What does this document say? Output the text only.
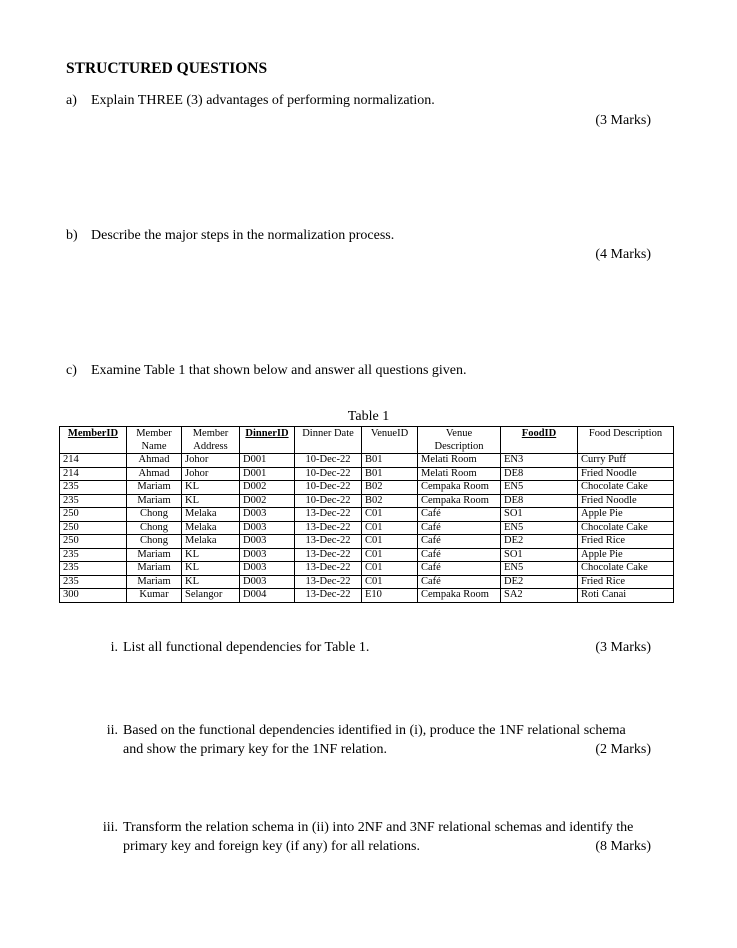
STRUCTURED QUESTIONS
a) Explain THREE (3) advantages of performing normalization.
(3 Marks)
b) Describe the major steps in the normalization process.
(4 Marks)
c) Examine Table 1 that shown below and answer all questions given.
Table 1
MemberID	Member Name	Member Address	DinnerID	Dinner Date	VenueID	Venue Description	FoodID	Food Description
214	Ahmad	Johor	D001	10-Dec-22	B01	Melati Room	EN3	Curry Puff
214	Ahmad	Johor	D001	10-Dec-22	B01	Melati Room	DE8	Fried Noodle
235	Mariam	KL	D002	10-Dec-22	B02	Cempaka Room	EN5	Chocolate Cake
235	Mariam	KL	D002	10-Dec-22	B02	Cempaka Room	DE8	Fried Noodle
250	Chong	Melaka	D003	13-Dec-22	C01	Café	SO1	Apple Pie
250	Chong	Melaka	D003	13-Dec-22	C01	Café	EN5	Chocolate Cake
250	Chong	Melaka	D003	13-Dec-22	C01	Café	DE2	Fried Rice
235	Mariam	KL	D003	13-Dec-22	C01	Café	SO1	Apple Pie
235	Mariam	KL	D003	13-Dec-22	C01	Café	EN5	Chocolate Cake
235	Mariam	KL	D003	13-Dec-22	C01	Café	DE2	Fried Rice
300	Kumar	Selangor	D004	13-Dec-22	E10	Cempaka Room	SA2	Roti Canai
i. List all functional dependencies for Table 1.	(3 Marks)
ii. Based on the functional dependencies identified in (i), produce the 1NF relational schema
and show the primary key for the 1NF relation.	(2 Marks)
iii. Transform the relation schema in (ii) into 2NF and 3NF relational schemas and identify the
primary key and foreign key (if any) for all relations.	(8 Marks)
